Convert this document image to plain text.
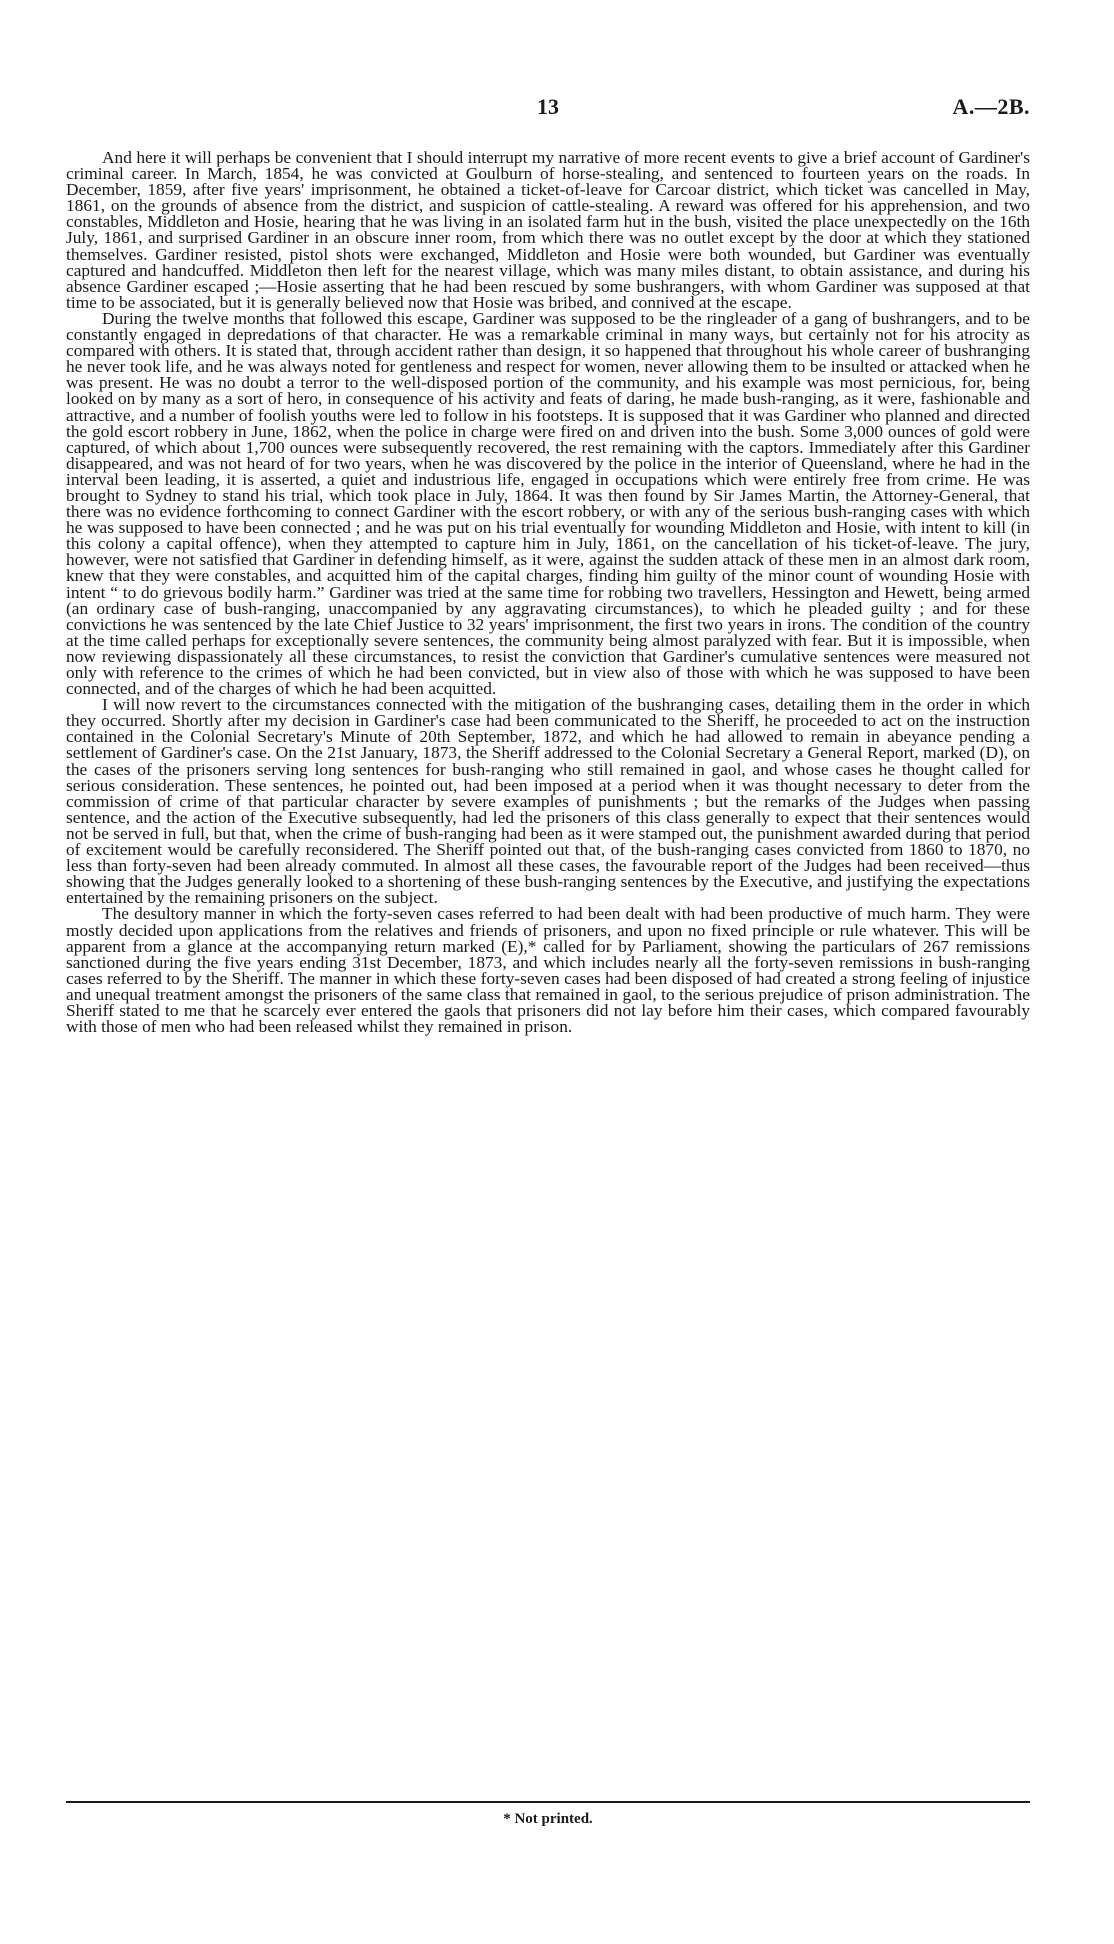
13	A.—2B.

And here it will perhaps be convenient that I should interrupt my narrative of more recent events to give a brief account of Gardiner's criminal career. In March, 1854, he was convicted at Goulburn of horse-stealing, and sentenced to fourteen years on the roads. In December, 1859, after five years' imprisonment, he obtained a ticket-of-leave for Carcoar district, which ticket was cancelled in May, 1861, on the grounds of absence from the district, and suspicion of cattle-stealing. A reward was offered for his apprehension, and two constables, Middleton and Hosie, hearing that he was living in an isolated farm hut in the bush, visited the place unexpectedly on the 16th July, 1861, and surprised Gardiner in an obscure inner room, from which there was no outlet except by the door at which they stationed themselves. Gardiner resisted, pistol shots were exchanged, Middleton and Hosie were both wounded, but Gardiner was eventually captured and handcuffed. Middleton then left for the nearest village, which was many miles distant, to obtain assistance, and during his absence Gardiner escaped ;—Hosie asserting that he had been rescued by some bushrangers, with whom Gardiner was supposed at that time to be associated, but it is generally believed now that Hosie was bribed, and connived at the escape.

During the twelve months that followed this escape, Gardiner was supposed to be the ringleader of a gang of bushrangers, and to be constantly engaged in depredations of that character. He was a remarkable criminal in many ways, but certainly not for his atrocity as compared with others. It is stated that, through accident rather than design, it so happened that throughout his whole career of bushranging he never took life, and he was always noted for gentleness and respect for women, never allowing them to be insulted or attacked when he was present. He was no doubt a terror to the well-disposed portion of the community, and his example was most pernicious, for, being looked on by many as a sort of hero, in consequence of his activity and feats of daring, he made bush-ranging, as it were, fashionable and attractive, and a number of foolish youths were led to follow in his footsteps. It is supposed that it was Gardiner who planned and directed the gold escort robbery in June, 1862, when the police in charge were fired on and driven into the bush. Some 3,000 ounces of gold were captured, of which about 1,700 ounces were subsequently recovered, the rest remaining with the captors. Immediately after this Gardiner disappeared, and was not heard of for two years, when he was discovered by the police in the interior of Queensland, where he had in the interval been leading, it is asserted, a quiet and industrious life, engaged in occupations which were entirely free from crime. He was brought to Sydney to stand his trial, which took place in July, 1864. It was then found by Sir James Martin, the Attorney-General, that there was no evidence forthcoming to connect Gardiner with the escort robbery, or with any of the serious bush-ranging cases with which he was supposed to have been connected ; and he was put on his trial eventually for wounding Middleton and Hosie, with intent to kill (in this colony a capital offence), when they attempted to capture him in July, 1861, on the cancellation of his ticket-of-leave. The jury, however, were not satisfied that Gardiner in defending himself, as it were, against the sudden attack of these men in an almost dark room, knew that they were constables, and acquitted him of the capital charges, finding him guilty of the minor count of wounding Hosie with intent “ to do grievous bodily harm.” Gardiner was tried at the same time for robbing two travellers, Hessington and Hewett, being armed (an ordinary case of bush-ranging, unaccompanied by any aggravating circumstances), to which he pleaded guilty ; and for these convictions he was sentenced by the late Chief Justice to 32 years' imprisonment, the first two years in irons. The condition of the country at the time called perhaps for exceptionally severe sentences, the community being almost paralyzed with fear. But it is impossible, when now reviewing dispassionately all these circumstances, to resist the conviction that Gardiner's cumulative sentences were measured not only with reference to the crimes of which he had been convicted, but in view also of those with which he was supposed to have been connected, and of the charges of which he had been acquitted.

I will now revert to the circumstances connected with the mitigation of the bushranging cases, detailing them in the order in which they occurred. Shortly after my decision in Gardiner's case had been communicated to the Sheriff, he proceeded to act on the instruction contained in the Colonial Secretary's Minute of 20th September, 1872, and which he had allowed to remain in abeyance pending a settlement of Gardiner's case. On the 21st January, 1873, the Sheriff addressed to the Colonial Secretary a General Report, marked (D), on the cases of the prisoners serving long sentences for bush-ranging who still remained in gaol, and whose cases he thought called for serious consideration. These sentences, he pointed out, had been imposed at a period when it was thought necessary to deter from the commission of crime of that particular character by severe examples of punishments ; but the remarks of the Judges when passing sentence, and the action of the Executive subsequently, had led the prisoners of this class generally to expect that their sentences would not be served in full, but that, when the crime of bush-ranging had been as it were stamped out, the punishment awarded during that period of excitement would be carefully reconsidered. The Sheriff pointed out that, of the bush-ranging cases convicted from 1860 to 1870, no less than forty-seven had been already commuted. In almost all these cases, the favourable report of the Judges had been received—thus showing that the Judges generally looked to a shortening of these bush-ranging sentences by the Executive, and justifying the expectations entertained by the remaining prisoners on the subject.

The desultory manner in which the forty-seven cases referred to had been dealt with had been productive of much harm. They were mostly decided upon applications from the relatives and friends of prisoners, and upon no fixed principle or rule whatever. This will be apparent from a glance at the accompanying return marked (E),* called for by Parliament, showing the particulars of 267 remissions sanctioned during the five years ending 31st December, 1873, and which includes nearly all the forty-seven remissions in bush-ranging cases referred to by the Sheriff. The manner in which these forty-seven cases had been disposed of had created a strong feeling of injustice and unequal treatment amongst the prisoners of the same class that remained in gaol, to the serious prejudice of prison administration. The Sheriff stated to me that he scarcely ever entered the gaols that prisoners did not lay before him their cases, which compared favourably with those of men who had been released whilst they remained in prison.

* Not printed.
